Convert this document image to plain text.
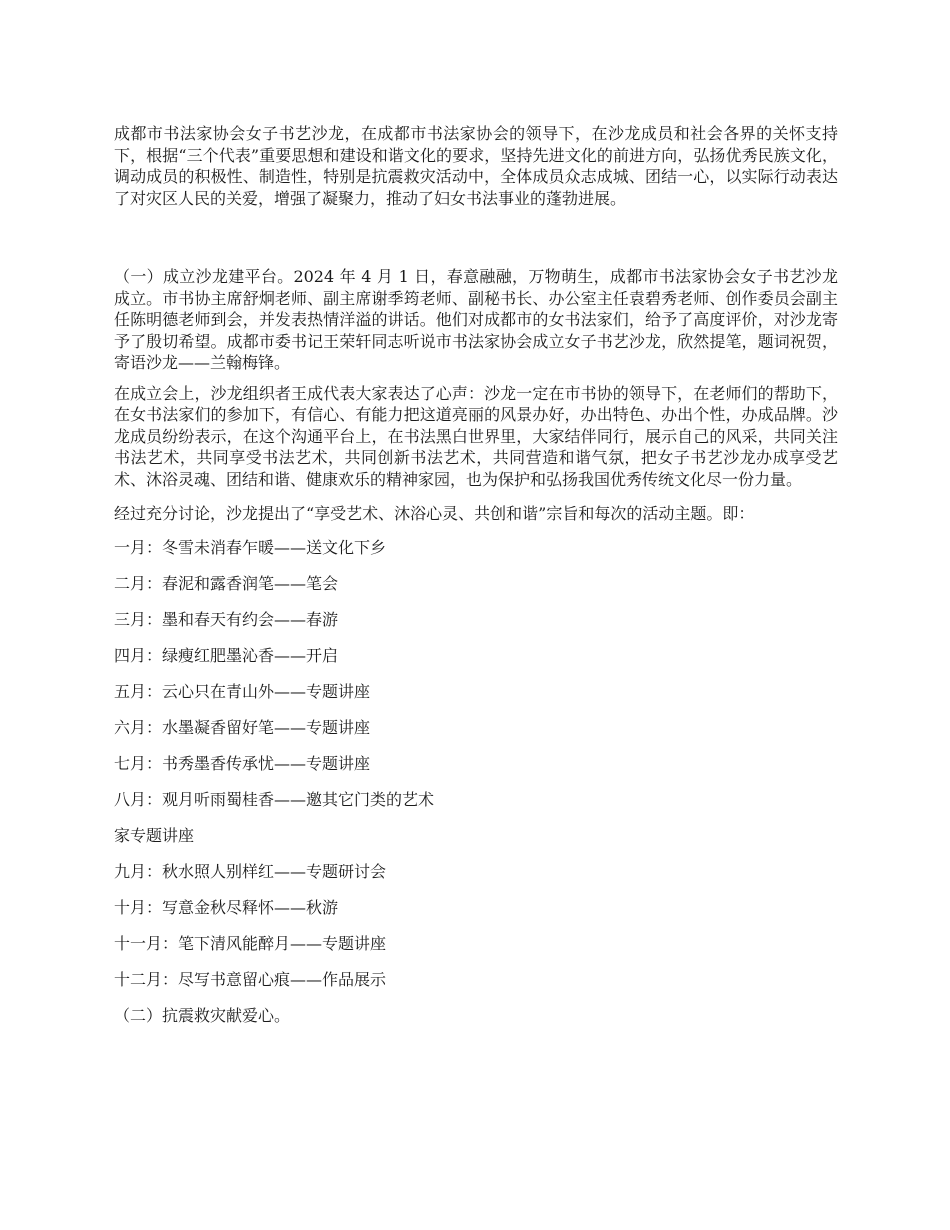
成都市书法家协会女子书艺沙龙，在成都市书法家协会的领导下，在沙龙成员和社会各界的关怀支持下，根据“三个代表”重要思想和建设和谐文化的要求，坚持先进文化的前进方向，弘扬优秀民族文化，调动成员的积极性、制造性，特别是抗震救灾活动中，全体成员众志成城、团结一心，以实际行动表达了对灾区人民的关爱，增强了凝聚力，推动了妇女书法事业的蓬勃进展。

（一）成立沙龙建平台。2024 年 4 月 1 日，春意融融，万物萌生，成都市书法家协会女子书艺沙龙成立。市书协主席舒炯老师、副主席谢季筠老师、副秘书长、办公室主任袁碧秀老师、创作委员会副主任陈明德老师到会，并发表热情洋溢的讲话。他们对成都市的女书法家们，给予了高度评价，对沙龙寄予了殷切希望。成都市委书记王荣轩同志听说市书法家协会成立女子书艺沙龙，欣然提笔，题词祝贺，寄语沙龙——兰翰梅锋。

在成立会上，沙龙组织者王成代表大家表达了心声：沙龙一定在市书协的领导下，在老师们的帮助下，在女书法家们的参加下，有信心、有能力把这道亮丽的风景办好，办出特色、办出个性，办成品牌。沙龙成员纷纷表示，在这个沟通平台上，在书法黑白世界里，大家结伴同行，展示自己的风采，共同关注书法艺术，共同享受书法艺术，共同创新书法艺术，共同营造和谐气氛，把女子书艺沙龙办成享受艺术、沐浴灵魂、团结和谐、健康欢乐的精神家园，也为保护和弘扬我国优秀传统文化尽一份力量。

经过充分讨论，沙龙提出了“享受艺术、沐浴心灵、共创和谐”宗旨和每次的活动主题。即：

一月：冬雪未消春乍暖——送文化下乡
二月：春泥和露香润笔——笔会
三月：墨和春天有约会——春游
四月：绿瘦红肥墨沁香——开启
五月：云心只在青山外——专题讲座
六月：水墨凝香留好笔——专题讲座
七月：书秀墨香传承忧——专题讲座
八月：观月听雨蜀桂香——邀其它门类的艺术
家专题讲座
九月：秋水照人别样红——专题研讨会
十月：写意金秋尽释怀——秋游
十一月：笔下清风能醉月——专题讲座
十二月：尽写书意留心痕——作品展示

（二）抗震救灾献爱心。
